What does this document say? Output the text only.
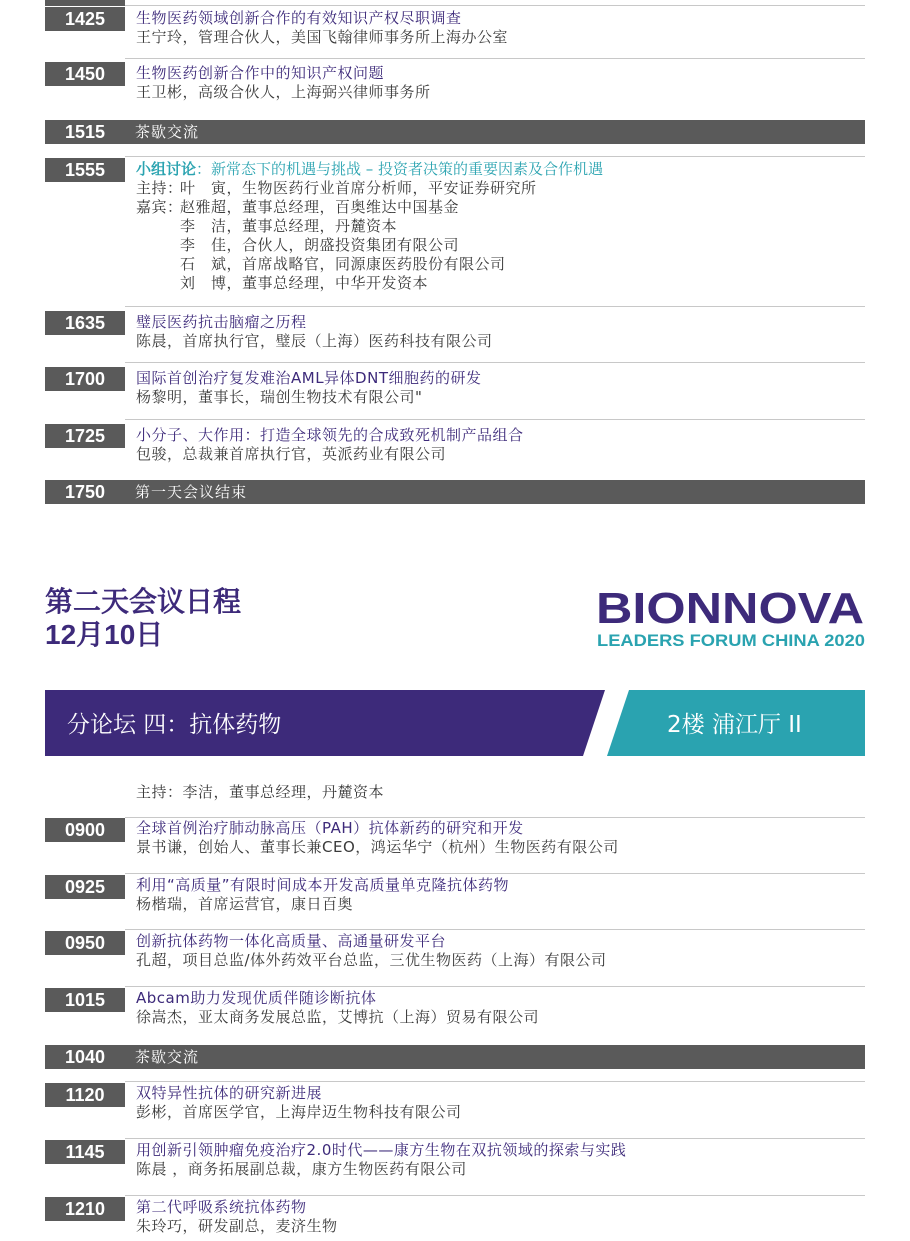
1425	生物医药领域创新合作的有效知识产权尽职调查
王宁玲，管理合伙人，美国飞翰律师事务所上海办公室
1450	生物医药创新合作中的知识产权问题
王卫彬，高级合伙人，上海弼兴律师事务所
1515	茶歇交流
1555	小组讨论：新常态下的机遇与挑战 – 投资者决策的重要因素及合作机遇
主持：叶　寅，生物医药行业首席分析师，平安证券研究所
嘉宾：赵雅超，董事总经理，百奥维达中国基金
李　洁，董事总经理，丹麓资本
李　佳，合伙人，朗盛投资集团有限公司
石　斌，首席战略官，同源康医药股份有限公司
刘　博，董事总经理，中华开发资本
1635	璧辰医药抗击脑瘤之历程
陈晨，首席执行官，璧辰（上海）医药科技有限公司
1700	国际首创治疗复发难治AML异体DNT细胞药的研发
杨黎明，董事长，瑞创生物技术有限公司"
1725	小分子、大作用：打造全球领先的合成致死机制产品组合
包骏，总裁兼首席执行官，英派药业有限公司
1750	第一天会议结束
第二天会议日程
12月10日
BIONNOVA
LEADERS FORUM CHINA 2020
分论坛 四：抗体药物	2楼 浦江厅 II
主持：李洁，董事总经理，丹麓资本
0900	全球首例治疗肺动脉高压（PAH）抗体新药的研究和开发
景书谦，创始人、董事长兼CEO，鸿运华宁（杭州）生物医药有限公司
0925	利用“高质量”有限时间成本开发高质量单克隆抗体药物
杨楷瑞，首席运营官，康日百奥
0950	创新抗体药物一体化高质量、高通量研发平台
孔超，项目总监/体外药效平台总监，三优生物医药（上海）有限公司
1015	Abcam助力发现优质伴随诊断抗体
徐嵩杰，亚太商务发展总监，艾博抗（上海）贸易有限公司
1040	茶歇交流
1120	双特异性抗体的研究新进展
彭彬，首席医学官，上海岸迈生物科技有限公司
1145	用创新引领肿瘤免疫治疗2.0时代——康方生物在双抗领域的探索与实践
陈晨 ，商务拓展副总裁，康方生物医药有限公司
1210	第二代呼吸系统抗体药物
朱玲巧，研发副总，麦济生物
